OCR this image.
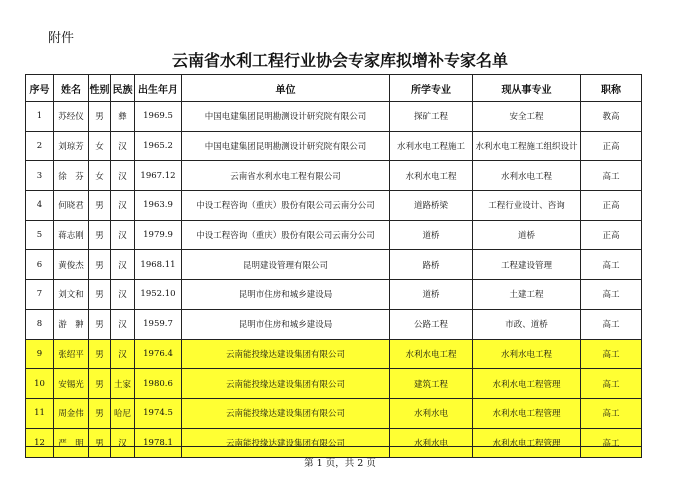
附件
云南省水利工程行业协会专家库拟增补专家名单
序号	姓名	性别	民族	出生年月	单位	所学专业	现从事专业	职称
1	苏经仪	男	彝	1969.5	中国电建集团昆明勘测设计研究院有限公司	探矿工程	安全工程	教高
2	刘琼芳	女	汉	1965.2	中国电建集团昆明勘测设计研究院有限公司	水利水电工程施工	水利水电工程施工组织设计	正高
3	徐　芬	女	汉	1967.12	云南省水利水电工程有限公司	水利水电工程	水利水电工程	高工
4	何晓君	男	汉	1963.9	中设工程咨询（重庆）股份有限公司云南分公司	道路桥梁	工程行业设计、咨询	正高
5	蒋志刚	男	汉	1979.9	中设工程咨询（重庆）股份有限公司云南分公司	道桥	道桥	正高
6	黄俊杰	男	汉	1968.11	昆明建设管理有限公司	路桥	工程建设管理	高工
7	刘文和	男	汉	1952.10	昆明市住房和城乡建设局	道桥	土建工程	高工
8	游　翀	男	汉	1959.7	昆明市住房和城乡建设局	公路工程	市政、道桥	高工
9	张绍平	男	汉	1976.4	云南能投缘达建设集团有限公司	水利水电工程	水利水电工程	高工
10	安锡光	男	土家	1980.6	云南能投缘达建设集团有限公司	建筑工程	水利水电工程管理	高工
11	周金伟	男	哈尼	1974.5	云南能投缘达建设集团有限公司	水利水电	水利水电工程管理	高工
12	严　明	男	汉	1978.1	云南能投缘达建设集团有限公司	水利水电	水利水电工程管理	高工
第 1 页，共 2 页
